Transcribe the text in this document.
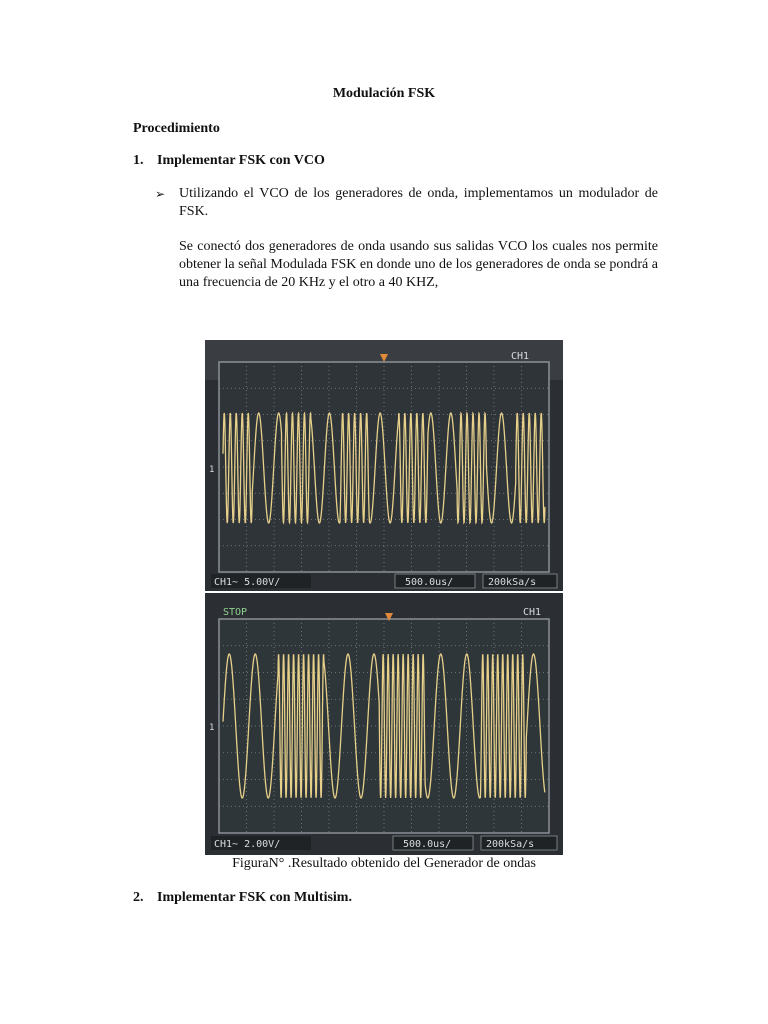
Modulación FSK
Procedimiento
1. Implementar FSK con VCO
➢ Utilizando el VCO de los generadores de onda, implementamos un modulador de FSK.
Se conectó dos generadores de onda usando sus salidas VCO los cuales nos permite obtener la señal Modulada FSK en donde uno de los generadores de onda se pondrá a una frecuencia de 20 KHz y el otro a 40 KHZ,
CH1
1
CH1~ 5.00V/	500.0us/	200kSa/s
STOP	CH1
1
CH1~ 2.00V/	500.0us/	200kSa/s
FiguraN° .Resultado obtenido del Generador de ondas
2. Implementar FSK con Multisim.
